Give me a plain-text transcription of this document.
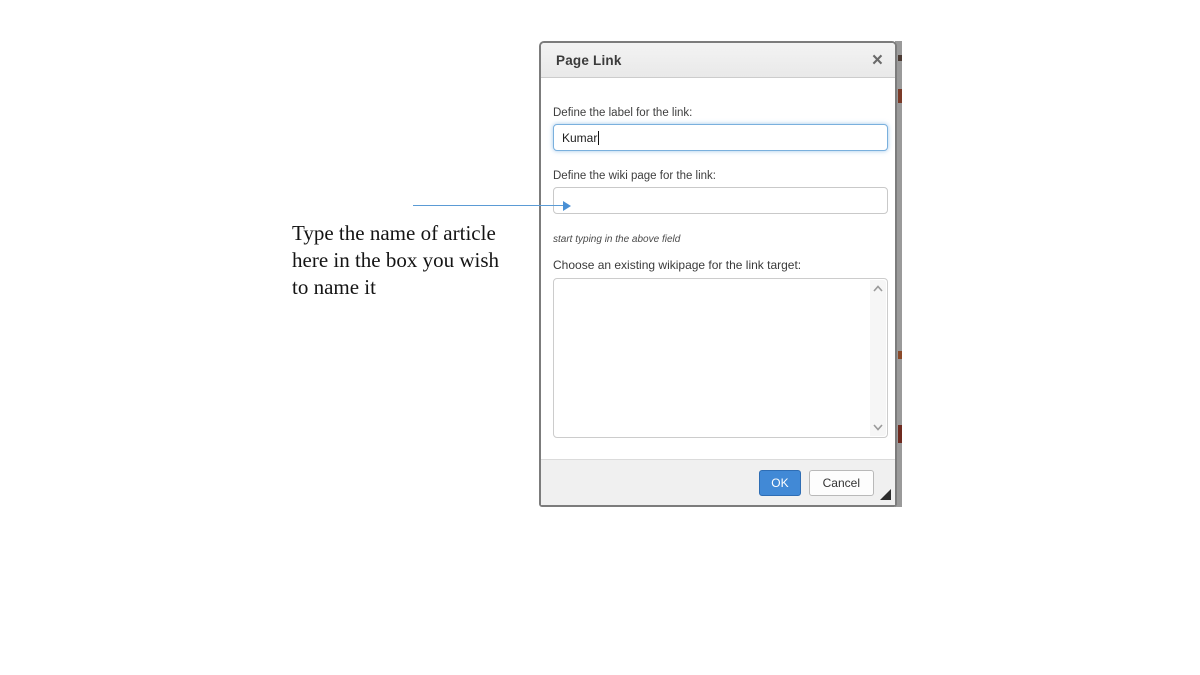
Type the name of article
here in the box you wish
to name it
Page Link	×
Define the label for the link:
Kumar
Define the wiki page for the link:
start typing in the above field
Choose an existing wikipage for the link target:
OK	Cancel
